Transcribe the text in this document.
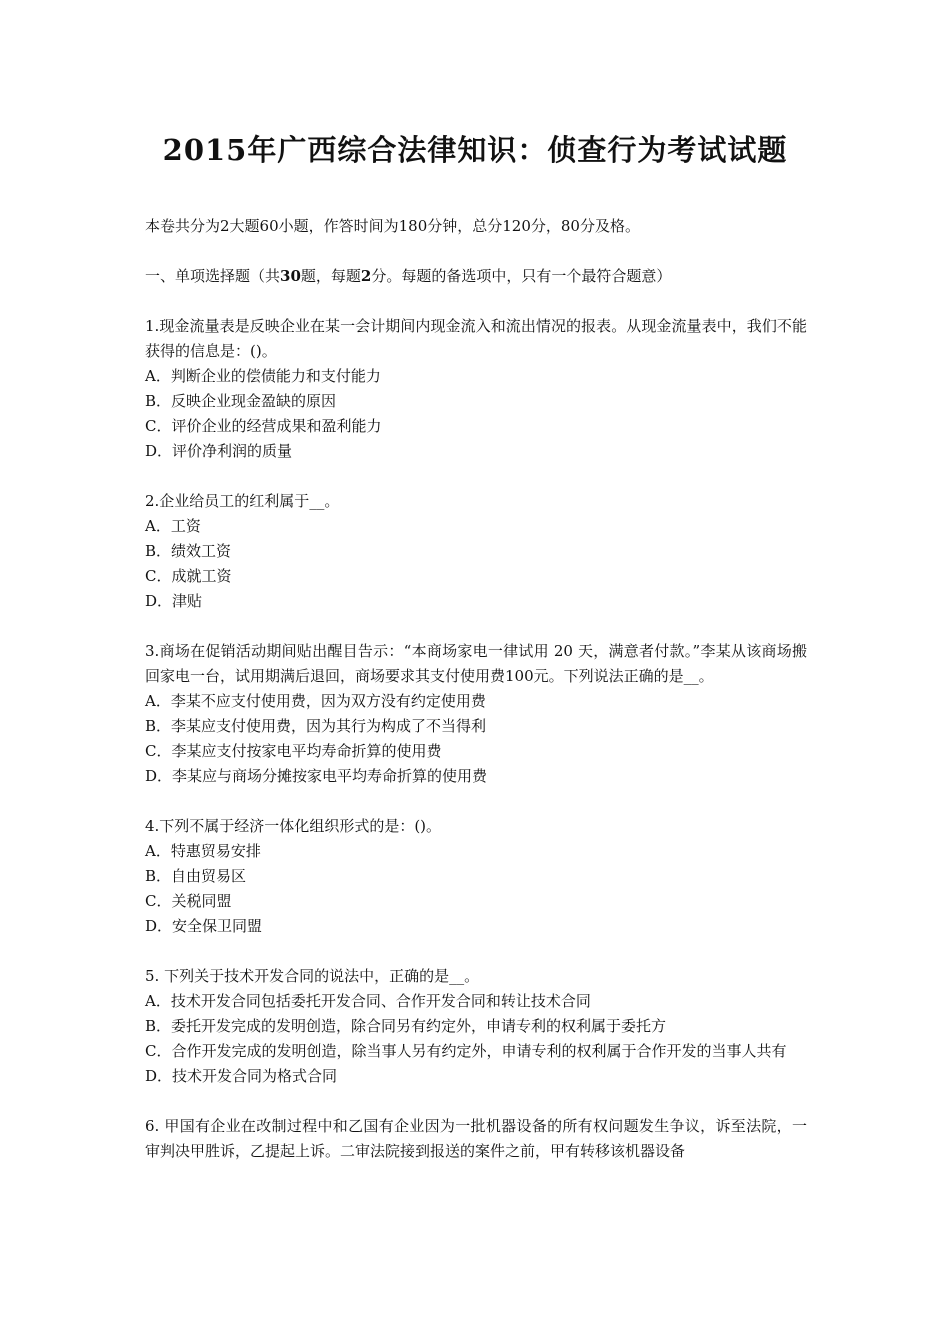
2015年广西综合法律知识：侦查行为考试试题
本卷共分为2大题60小题，作答时间为180分钟，总分120分，80分及格。
一、单项选择题（共30题，每题2分。每题的备选项中，只有一个最符合题意）
1.现金流量表是反映企业在某一会计期间内现金流入和流出情况的报表。从现金流量表中，我们不能获得的信息是：()。
A．判断企业的偿债能力和支付能力
B．反映企业现金盈缺的原因
C．评价企业的经营成果和盈利能力
D．评价净利润的质量
2.企业给员工的红利属于__。
A．工资
B．绩效工资
C．成就工资
D．津贴
3.商场在促销活动期间贴出醒目告示：“本商场家电一律试用 20 天，满意者付款。”李某从该商场搬回家电一台，试用期满后退回，商场要求其支付使用费100元。下列说法正确的是__。
A．李某不应支付使用费，因为双方没有约定使用费
B．李某应支付使用费，因为其行为构成了不当得利
C．李某应支付按家电平均寿命折算的使用费
D．李某应与商场分摊按家电平均寿命折算的使用费
4.下列不属于经济一体化组织形式的是：()。
A．特惠贸易安排
B．自由贸易区
C．关税同盟
D．安全保卫同盟
5. 下列关于技术开发合同的说法中，正确的是__。
A．技术开发合同包括委托开发合同、合作开发合同和转让技术合同
B．委托开发完成的发明创造，除合同另有约定外，申请专利的权利属于委托方
C．合作开发完成的发明创造，除当事人另有约定外，申请专利的权利属于合作开发的当事人共有
D．技术开发合同为格式合同
6. 甲国有企业在改制过程中和乙国有企业因为一批机器设备的所有权问题发生争议，诉至法院，一审判决甲胜诉，乙提起上诉。二审法院接到报送的案件之前，甲有转移该机器设备
